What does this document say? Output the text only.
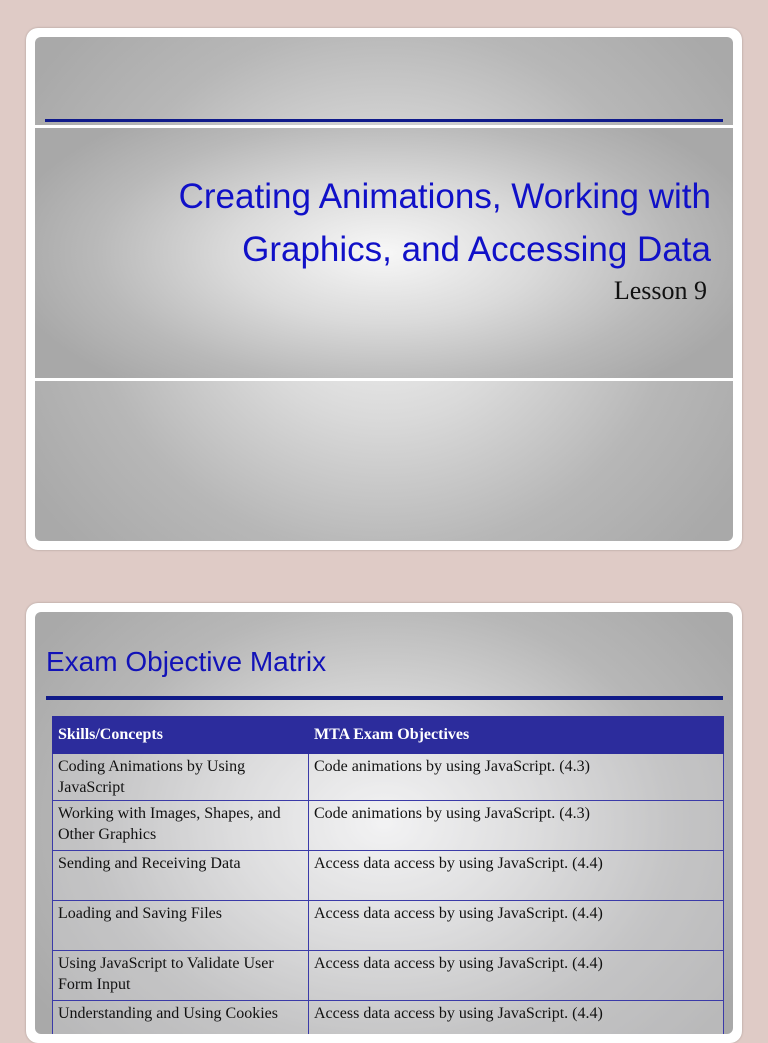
Creating Animations, Working with Graphics, and Accessing Data
Lesson 9
Exam Objective Matrix
Skills/Concepts	MTA Exam Objectives
Coding Animations by Using JavaScript	Code animations by using JavaScript. (4.3)
Working with Images, Shapes, and Other Graphics	Code animations by using JavaScript. (4.3)
Sending and Receiving Data	Access data access by using JavaScript. (4.4)
Loading and Saving Files	Access data access by using JavaScript. (4.4)
Using JavaScript to Validate User Form Input	Access data access by using JavaScript. (4.4)
Understanding and Using Cookies	Access data access by using JavaScript. (4.4)
